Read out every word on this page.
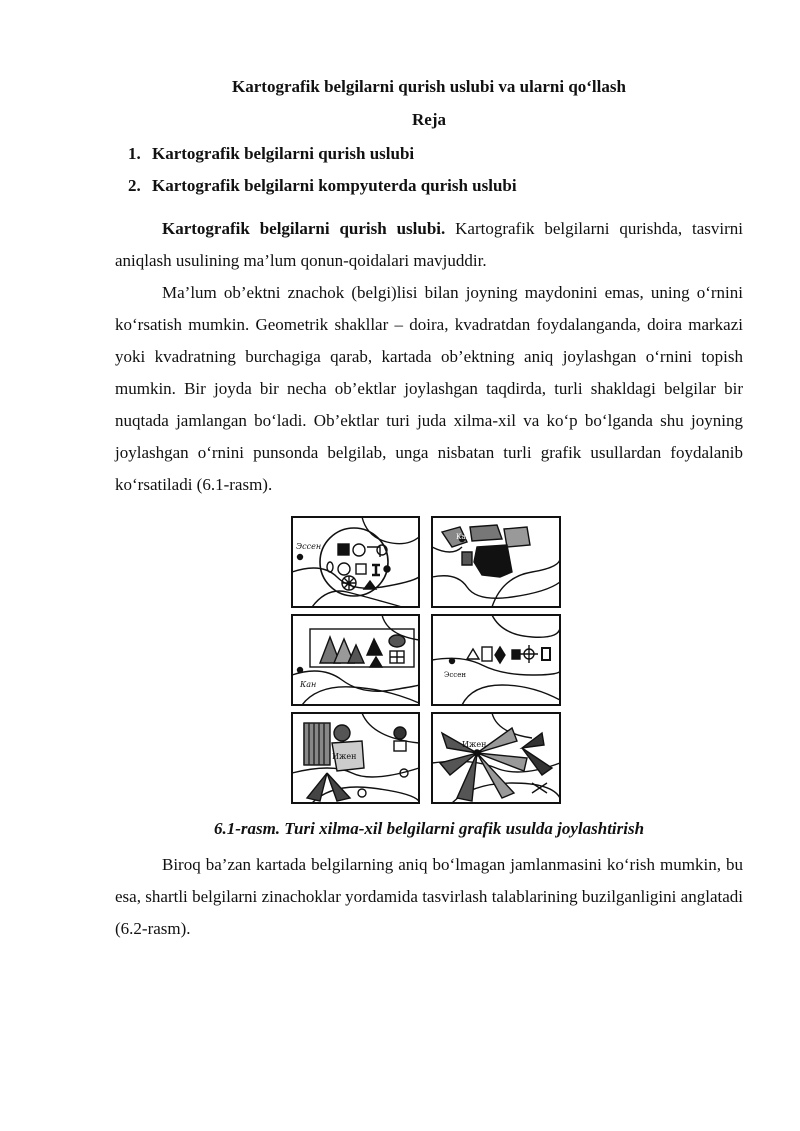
Kartografik belgilarni qurish uslubi va ularni qo‘llash
Reja
1. Kartografik belgilarni qurish uslubi
2. Kartografik belgilarni kompyuterda qurish uslubi

Kartografik belgilarni qurish uslubi. Kartografik belgilarni qurishda, tasvirni aniqlash usulining ma’lum qonun-qoidalari mavjuddir.

Ma’lum ob’ektni znachok (belgi)lisi bilan joyning maydonini emas, uning o‘rnini ko‘rsatish mumkin. Geometrik shakllar – doira, kvadratdan foydalanganda, doira markazi yoki kvadratning burchagiga qarab, kartada ob’ektning aniq joylashgan o‘rnini topish mumkin. Bir joyda bir necha ob’ektlar joylashgan taqdirda, turli shakldagi belgilar bir nuqtada jamlangan bo‘ladi. Ob’ektlar turi juda xilma-xil va ko‘p bo‘lganda shu joyning joylashgan o‘rnini punsonda belgilab, unga nisbatan turli grafik usullardan foydalanib ko‘rsatiladi (6.1-rasm).

Эссен
Кан
Кан
Эссен
Ижен
Ижен
6.1-rasm. Turi xilma-xil belgilarni grafik usulda joylashtirish

Biroq ba’zan kartada belgilarning aniq bo‘lmagan jamlanmasini ko‘rish mumkin, bu esa, shartli belgilarni zinachoklar yordamida tasvirlash talablarining buzilganligini anglatadi (6.2-rasm).
